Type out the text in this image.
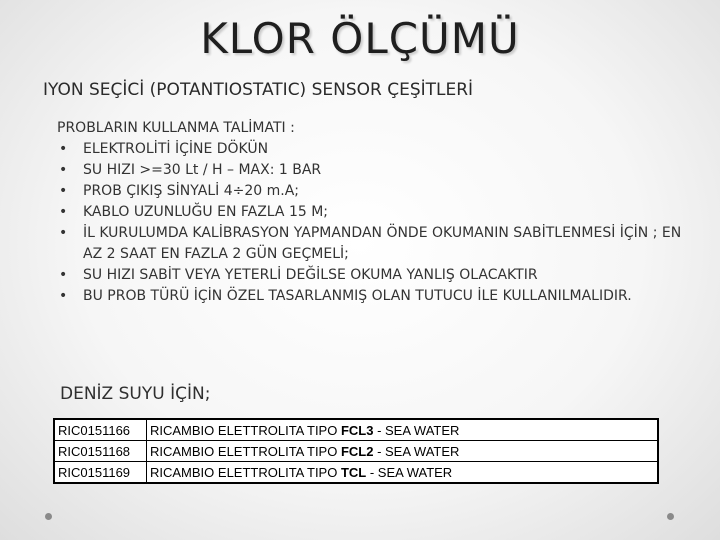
KLOR ÖLÇÜMÜ
IYON SEÇİCİ (POTANTIOSTATIC) SENSOR ÇEŞİTLERİ
PROBLARIN KULLANMA TALİMATI :
• ELEKTROLİTİ İÇİNE DÖKÜN
• SU HIZI >=30 Lt / H – MAX: 1 BAR
• PROB ÇIKIŞ SİNYALİ 4÷20 m.A;
• KABLO UZUNLUĞU EN FAZLA 15 M;
• İL KURULUMDA KALİBRASYON YAPMANDAN ÖNDE OKUMANIN SABİTLENMESİ İÇİN ; EN AZ 2 SAAT EN FAZLA 2 GÜN GEÇMELİ;
• SU HIZI SABİT VEYA YETERLİ DEĞİLSE OKUMA YANLIŞ OLACAKTIR
• BU PROB TÜRÜ İÇİN ÖZEL TASARLANMIŞ OLAN TUTUCU İLE KULLANILMALIDIR.
DENİZ SUYU İÇİN;
RIC0151166	RICAMBIO ELETTROLITA TIPO FCL3 - SEA WATER
RIC0151168	RICAMBIO ELETTROLITA TIPO FCL2 - SEA WATER
RIC0151169	RICAMBIO ELETTROLITA TIPO TCL - SEA WATER
